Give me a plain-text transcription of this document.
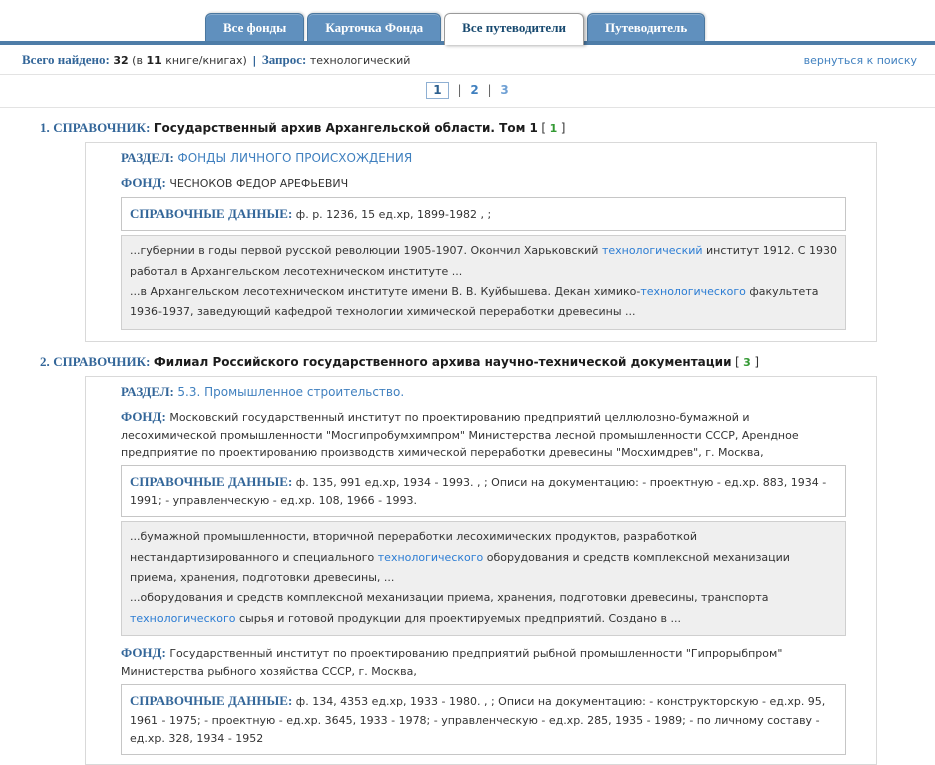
Все фонды	Карточка Фонда	Все путеводители	Путеводитель
Всего найдено: 32 (в 11 книге/книгах) | Запрос: технологический	вернуться к поиску
1 | 2 | 3
1. СПРАВОЧНИК: Государственный архив Архангельской области. Том 1 [ 1 ]
РАЗДЕЛ: ФОНДЫ ЛИЧНОГО ПРОИСХОЖДЕНИЯ
ФОНД: ЧЕСНОКОВ ФЕДОР АРЕФЬЕВИЧ
СПРАВОЧНЫЕ ДАННЫЕ: ф. р. 1236, 15 ед.хр, 1899-1982 , ;
...губернии в годы первой русской революции 1905-1907. Окончил Харьковский технологический институт 1912. С 1930 работал в Архангельском лесотехническом институте ...
...в Архангельском лесотехническом институте имени В. В. Куйбышева. Декан химико-технологического факультета 1936-1937, заведующий кафедрой технологии химической переработки древесины ...
2. СПРАВОЧНИК: Филиал Российского государственного архива научно-технической документации [ 3 ]
РАЗДЕЛ: 5.3. Промышленное строительство.
ФОНД: Московский государственный институт по проектированию предприятий целлюлозно-бумажной и лесохимической промышленности "Мосгипробумхимпром" Министерства лесной промышленности СССР, Арендное предприятие по проектированию производств химической переработки древесины "Мосхимдрев", г. Москва,
СПРАВОЧНЫЕ ДАННЫЕ: ф. 135, 991 ед.хр, 1934 - 1993. , ; Описи на документацию: - проектную - ед.хр. 883, 1934 - 1991; - управленческую - ед.хр. 108, 1966 - 1993.
...бумажной промышленности, вторичной переработки лесохимических продуктов, разработкой нестандартизированного и специального технологического оборудования и средств комплексной механизации приема, хранения, подготовки древесины, ...
...оборудования и средств комплексной механизации приема, хранения, подготовки древесины, транспорта технологического сырья и готовой продукции для проектируемых предприятий. Создано в ...
ФОНД: Государственный институт по проектированию предприятий рыбной промышленности "Гипрорыбпром" Министерства рыбного хозяйства СССР, г. Москва,
СПРАВОЧНЫЕ ДАННЫЕ: ф. 134, 4353 ед.хр, 1933 - 1980. , ; Описи на документацию: - конструкторскую - ед.хр. 95, 1961 - 1975; - проектную - ед.хр. 3645, 1933 - 1978; - управленческую - ед.хр. 285, 1935 - 1989; - по личному составу - ед.хр. 328, 1934 - 1952
